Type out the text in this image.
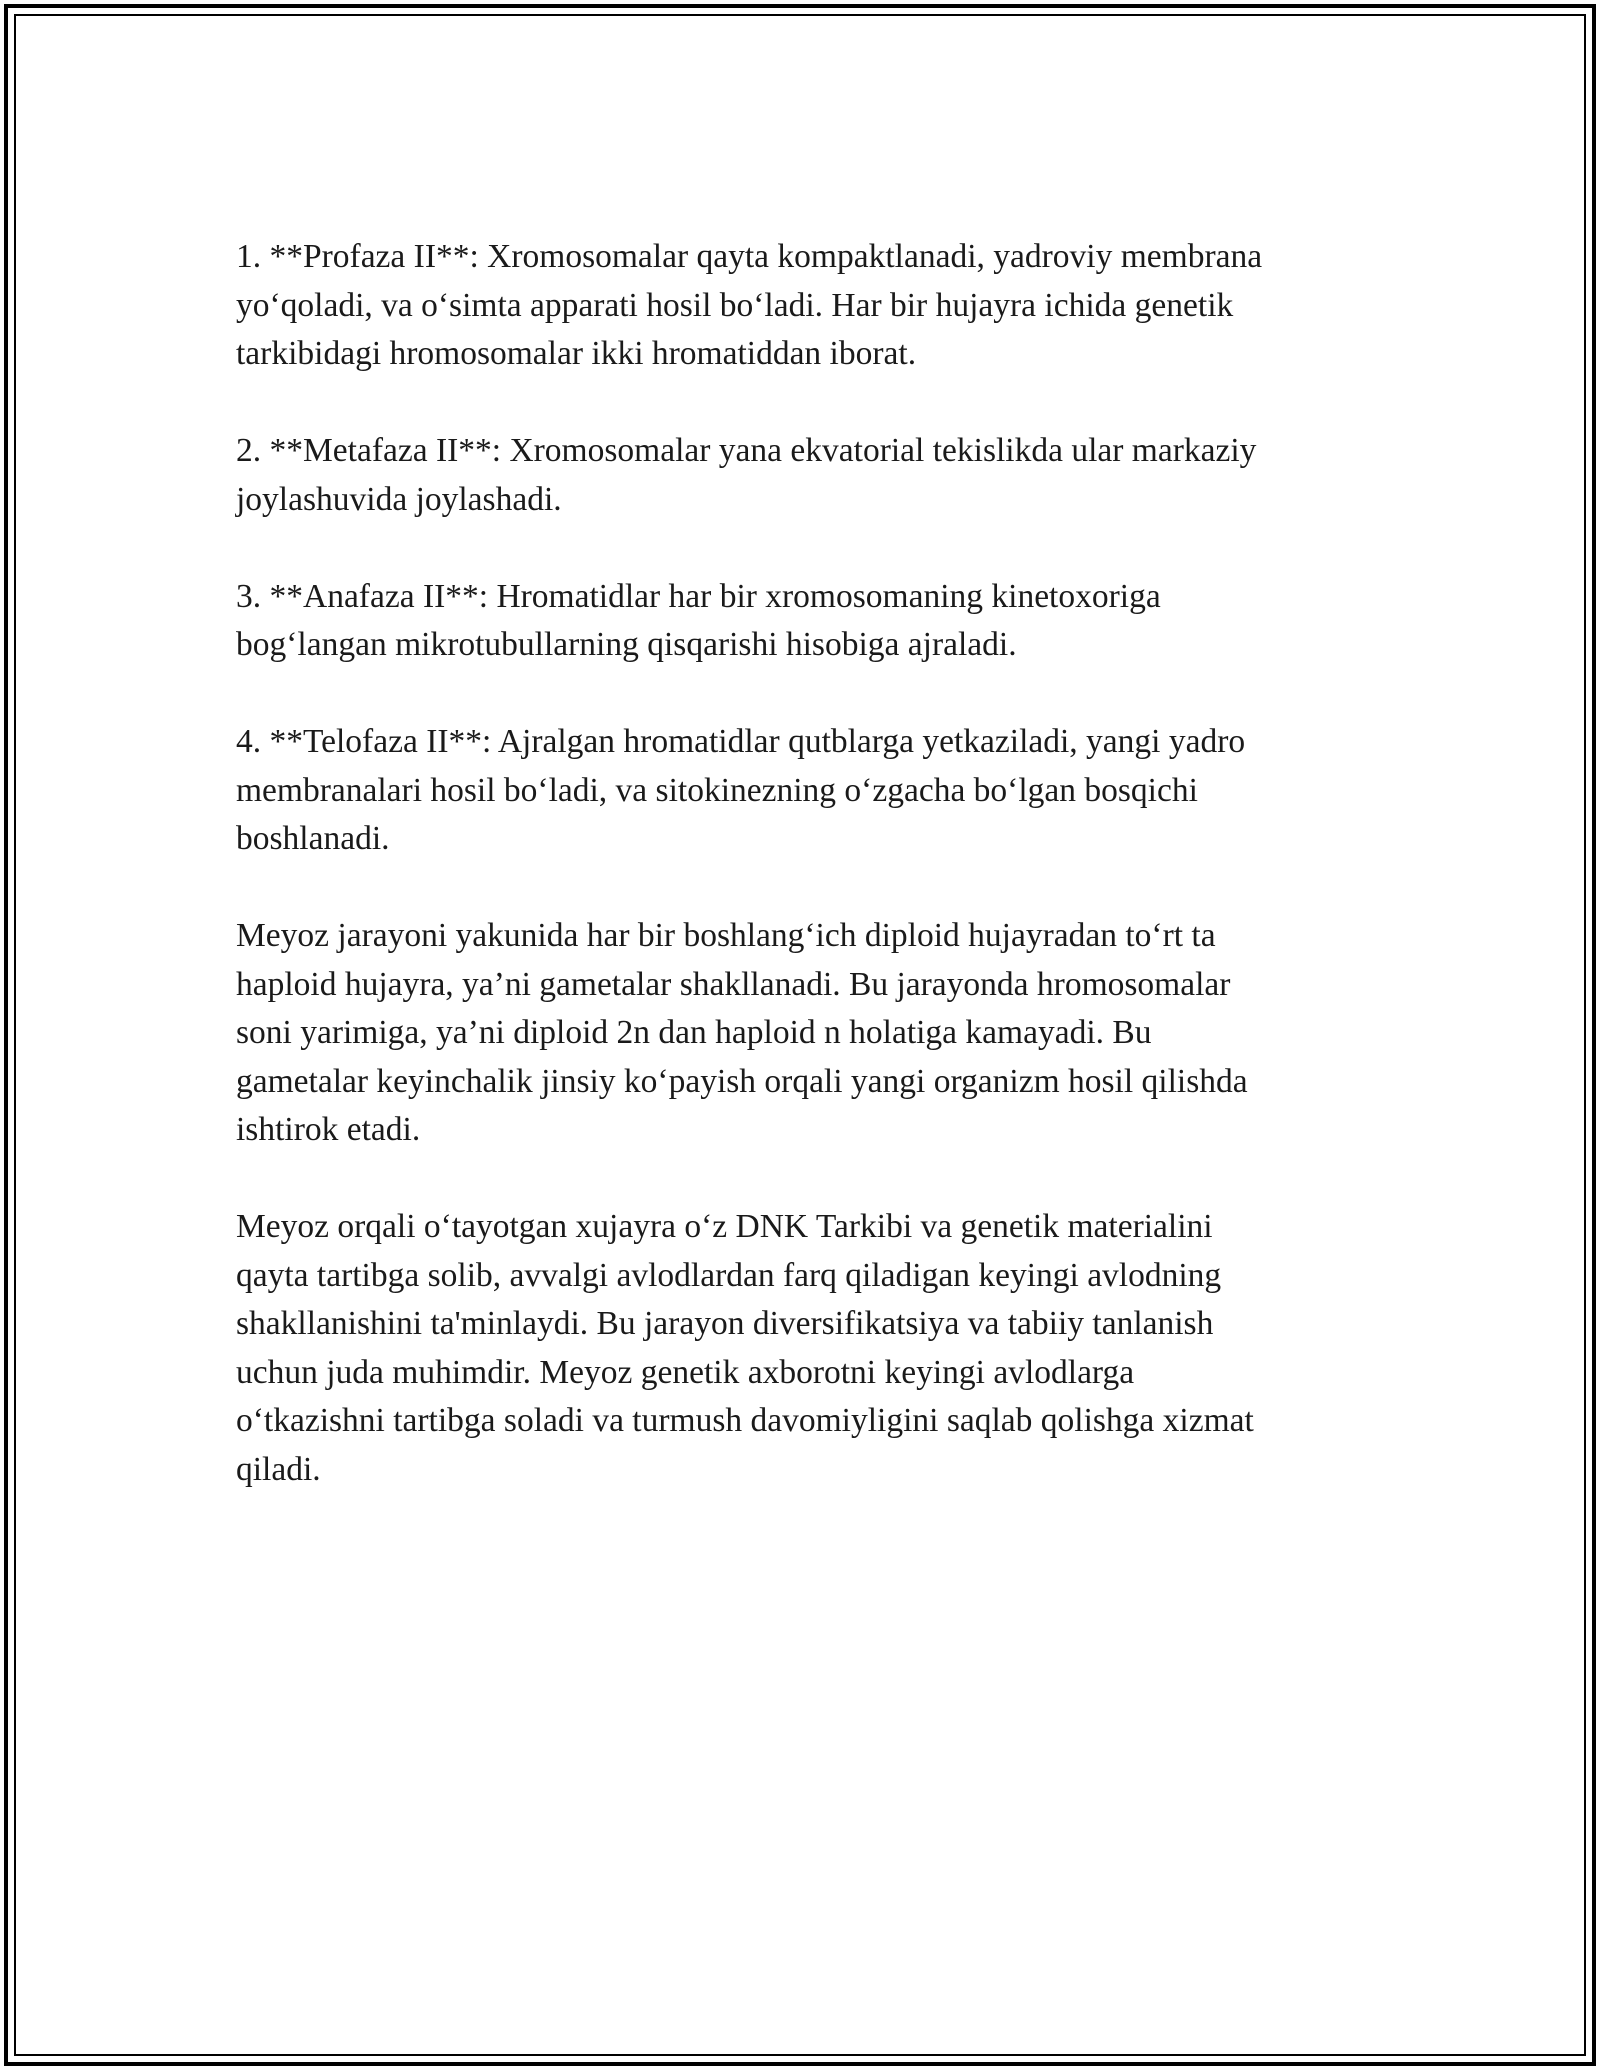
1. **Profaza II**: Xromosomalar qayta kompaktlanadi, yadroviy membrana
yo‘qoladi, va o‘simta apparati hosil bo‘ladi. Har bir hujayra ichida genetik
tarkibidagi hromosomalar ikki hromatiddan iborat.

2. **Metafaza II**: Xromosomalar yana ekvatorial tekislikda ular markaziy
joylashuvida joylashadi.

3. **Anafaza II**: Hromatidlar har bir xromosomaning kinetoxoriga
bog‘langan mikrotubullarning qisqarishi hisobiga ajraladi.

4. **Telofaza II**: Ajralgan hromatidlar qutblarga yetkaziladi, yangi yadro
membranalari hosil bo‘ladi, va sitokinezning o‘zgacha bo‘lgan bosqichi
boshlanadi.

Meyoz jarayoni yakunida har bir boshlang‘ich diploid hujayradan to‘rt ta
haploid hujayra, ya’ni gametalar shakllanadi. Bu jarayonda hromosomalar
soni yarimiga, ya’ni diploid 2n dan haploid n holatiga kamayadi. Bu
gametalar keyinchalik jinsiy ko‘payish orqali yangi organizm hosil qilishda
ishtirok etadi.

Meyoz orqali o‘tayotgan xujayra o‘z DNK Tarkibi va genetik materialini
qayta tartibga solib, avvalgi avlodlardan farq qiladigan keyingi avlodning
shakllanishini ta'minlaydi. Bu jarayon diversifikatsiya va tabiiy tanlanish
uchun juda muhimdir. Meyoz genetik axborotni keyingi avlodlarga
o‘tkazishni tartibga soladi va turmush davomiyligini saqlab qolishga xizmat
qiladi.
